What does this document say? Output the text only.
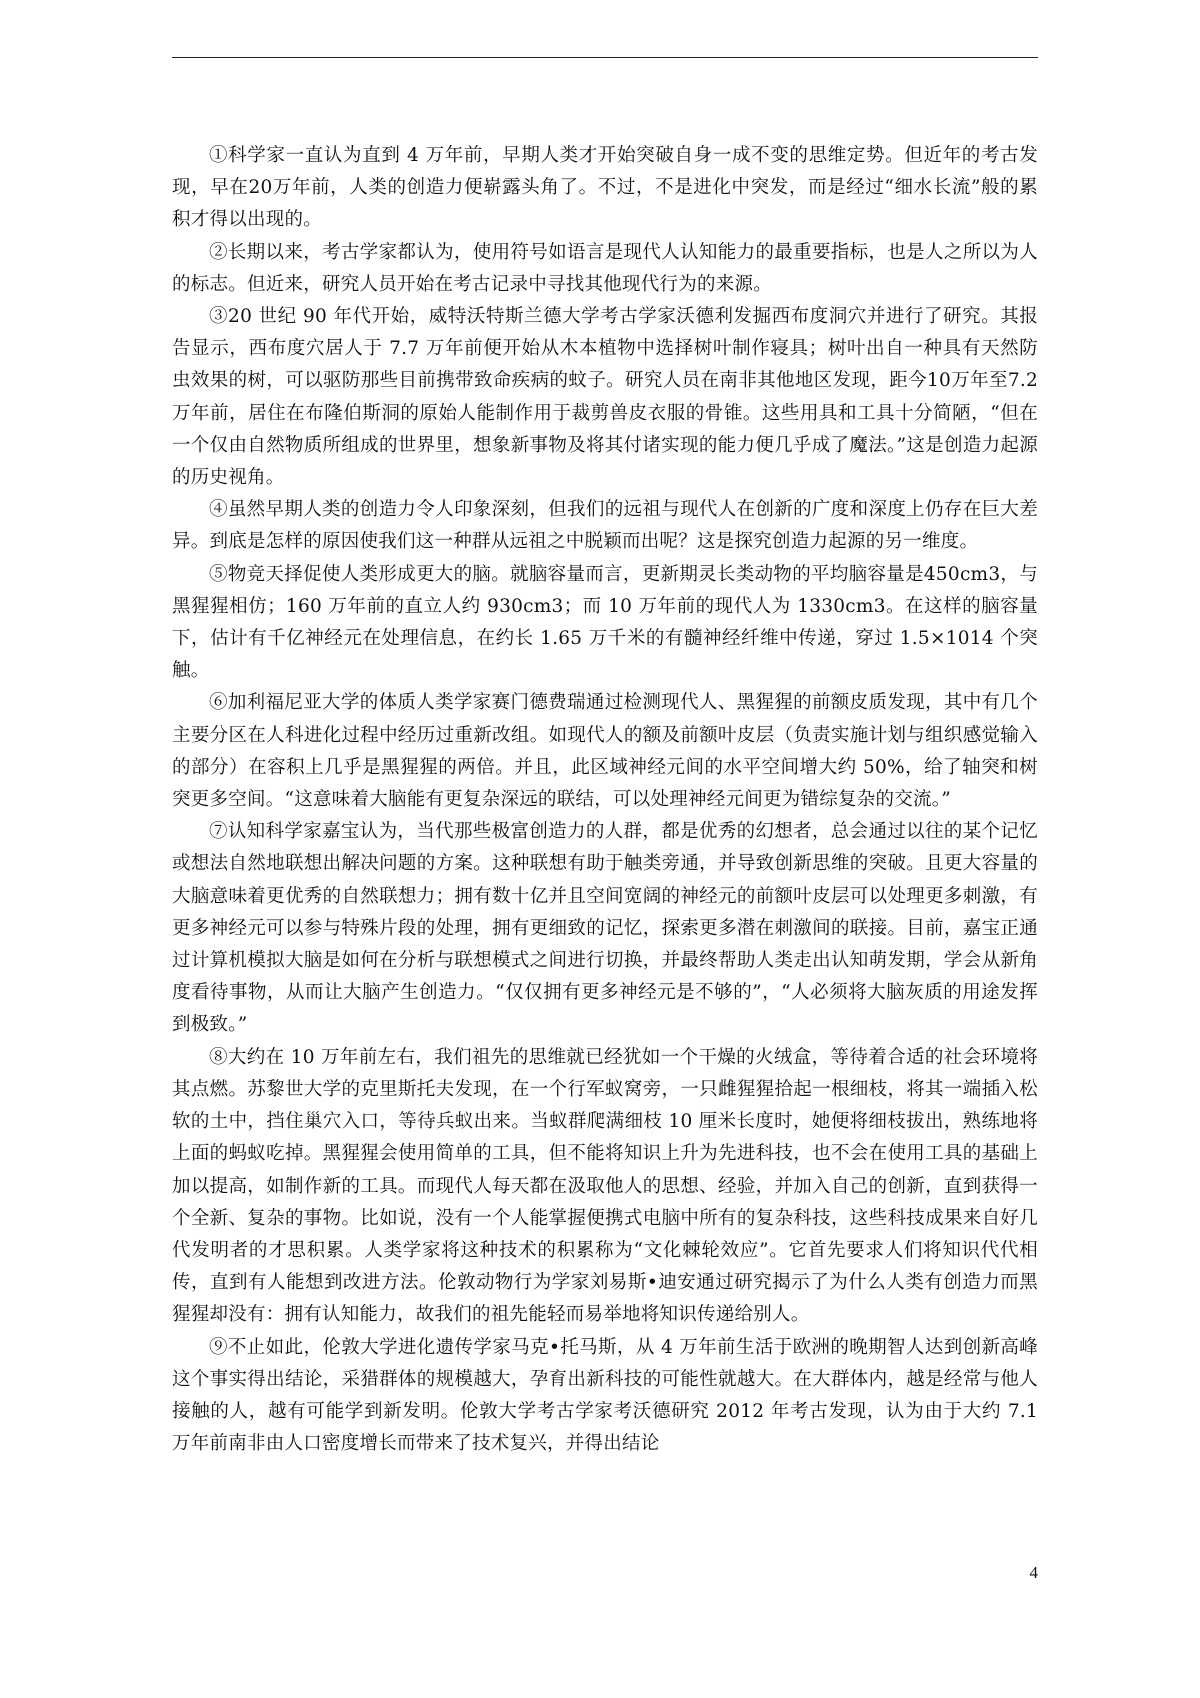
①科学家一直认为直到 4 万年前，早期人类才开始突破自身一成不变的思维定势。但近年的考古发现，早在20万年前，人类的创造力便崭露头角了。不过，不是进化中突发，而是经过“细水长流”般的累积才得以出现的。

②长期以来，考古学家都认为，使用符号如语言是现代人认知能力的最重要指标，也是人之所以为人的标志。但近来，研究人员开始在考古记录中寻找其他现代行为的来源。

③20 世纪 90 年代开始，威特沃特斯兰德大学考古学家沃德利发掘西布度洞穴并进行了研究。其报告显示，西布度穴居人于 7.7 万年前便开始从木本植物中选择树叶制作寝具；树叶出自一种具有天然防虫效果的树，可以驱防那些目前携带致命疾病的蚊子。研究人员在南非其他地区发现，距今10万年至7.2万年前，居住在布隆伯斯洞的原始人能制作用于裁剪兽皮衣服的骨锥。这些用具和工具十分简陋，“但在一个仅由自然物质所组成的世界里，想象新事物及将其付诸实现的能力便几乎成了魔法。”这是创造力起源的历史视角。

④虽然早期人类的创造力令人印象深刻，但我们的远祖与现代人在创新的广度和深度上仍存在巨大差异。到底是怎样的原因使我们这一种群从远祖之中脱颖而出呢？这是探究创造力起源的另一维度。

⑤物竞天择促使人类形成更大的脑。就脑容量而言，更新期灵长类动物的平均脑容量是450cm3，与黑猩猩相仿；160 万年前的直立人约 930cm3；而 10 万年前的现代人为 1330cm3。在这样的脑容量下，估计有千亿神经元在处理信息，在约长 1.65 万千米的有髓神经纤维中传递，穿过 1.5×1014 个突触。

⑥加利福尼亚大学的体质人类学家赛门德费瑞通过检测现代人、黑猩猩的前额皮质发现，其中有几个主要分区在人科进化过程中经历过重新改组。如现代人的额及前额叶皮层（负责实施计划与组织感觉输入的部分）在容积上几乎是黑猩猩的两倍。并且，此区域神经元间的水平空间增大约 50%，给了轴突和树突更多空间。“这意味着大脑能有更复杂深远的联结，可以处理神经元间更为错综复杂的交流。”

⑦认知科学家嘉宝认为，当代那些极富创造力的人群，都是优秀的幻想者，总会通过以往的某个记忆或想法自然地联想出解决问题的方案。这种联想有助于触类旁通，并导致创新思维的突破。且更大容量的大脑意味着更优秀的自然联想力；拥有数十亿并且空间宽阔的神经元的前额叶皮层可以处理更多刺激，有更多神经元可以参与特殊片段的处理，拥有更细致的记忆，探索更多潜在刺激间的联接。目前，嘉宝正通过计算机模拟大脑是如何在分析与联想模式之间进行切换，并最终帮助人类走出认知萌发期，学会从新角度看待事物，从而让大脑产生创造力。“仅仅拥有更多神经元是不够的”，“人必须将大脑灰质的用途发挥到极致。”

⑧大约在 10 万年前左右，我们祖先的思维就已经犹如一个干燥的火绒盒，等待着合适的社会环境将其点燃。苏黎世大学的克里斯托夫发现，在一个行军蚁窝旁，一只雌猩猩拾起一根细枝，将其一端插入松软的土中，挡住巢穴入口，等待兵蚁出来。当蚁群爬满细枝 10 厘米长度时，她便将细枝拔出，熟练地将上面的蚂蚁吃掉。黑猩猩会使用简单的工具，但不能将知识上升为先进科技，也不会在使用工具的基础上加以提高，如制作新的工具。而现代人每天都在汲取他人的思想、经验，并加入自己的创新，直到获得一个全新、复杂的事物。比如说，没有一个人能掌握便携式电脑中所有的复杂科技，这些科技成果来自好几代发明者的才思积累。人类学家将这种技术的积累称为“文化棘轮效应”。它首先要求人们将知识代代相传，直到有人能想到改进方法。伦敦动物行为学家刘易斯•迪安通过研究揭示了为什么人类有创造力而黑猩猩却没有：拥有认知能力，故我们的祖先能轻而易举地将知识传递给别人。

⑨不止如此，伦敦大学进化遗传学家马克•托马斯，从 4 万年前生活于欧洲的晚期智人达到创新高峰这个事实得出结论，采猎群体的规模越大，孕育出新科技的可能性就越大。在大群体内，越是经常与他人接触的人，越有可能学到新发明。伦敦大学考古学家考沃德研究 2012 年考古发现，认为由于大约 7.1 万年前南非由人口密度增长而带来了技术复兴，并得出结论

4
